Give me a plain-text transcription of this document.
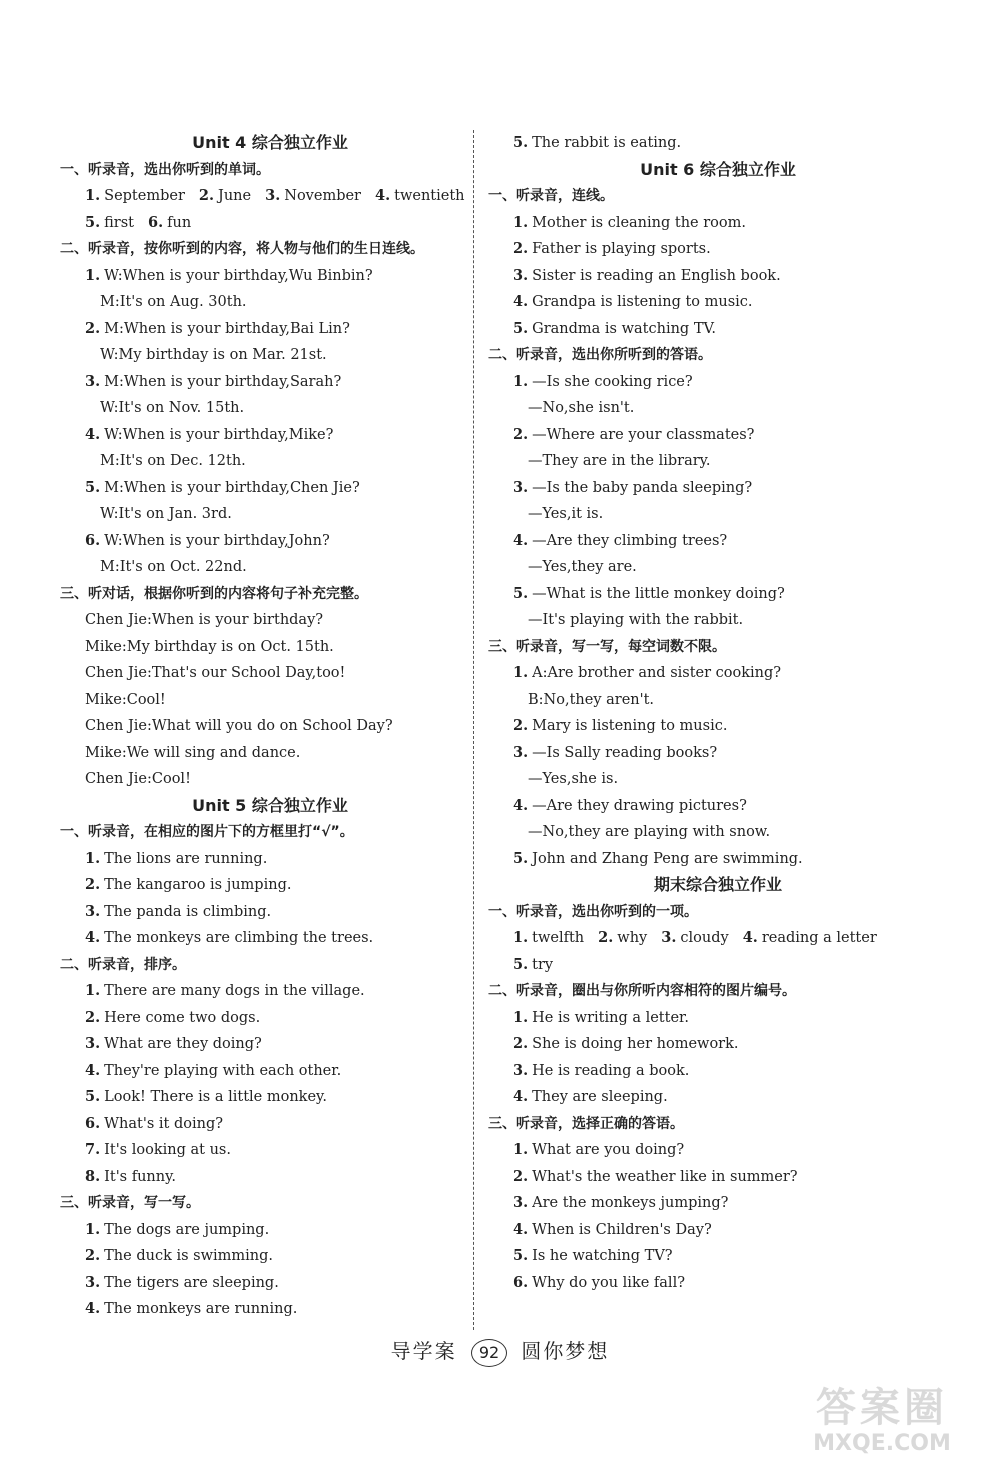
Unit 4 综合独立作业
一、听录音，选出你听到的单词。
1. September 2. June 3. November 4. twentieth
5. first 6. fun
二、听录音，按你听到的内容，将人物与他们的生日连线。
1. W:When is your birthday,Wu Binbin?
M:It's on Aug. 30th.
2. M:When is your birthday,Bai Lin?
W:My birthday is on Mar. 21st.
3. M:When is your birthday,Sarah?
W:It's on Nov. 15th.
4. W:When is your birthday,Mike?
M:It's on Dec. 12th.
5. M:When is your birthday,Chen Jie?
W:It's on Jan. 3rd.
6. W:When is your birthday,John?
M:It's on Oct. 22nd.
三、听对话，根据你听到的内容将句子补充完整。
Chen Jie:When is your birthday?
Mike:My birthday is on Oct. 15th.
Chen Jie:That's our School Day,too!
Mike:Cool!
Chen Jie:What will you do on School Day?
Mike:We will sing and dance.
Chen Jie:Cool!
Unit 5 综合独立作业
一、听录音，在相应的图片下的方框里打“√”。
1. The lions are running.
2. The kangaroo is jumping.
3. The panda is climbing.
4. The monkeys are climbing the trees.
二、听录音，排序。
1. There are many dogs in the village.
2. Here come two dogs.
3. What are they doing?
4. They're playing with each other.
5. Look! There is a little monkey.
6. What's it doing?
7. It's looking at us.
8. It's funny.
三、听录音，写一写。
1. The dogs are jumping.
2. The duck is swimming.
3. The tigers are sleeping.
4. The monkeys are running.
5. The rabbit is eating.
Unit 6 综合独立作业
一、听录音，连线。
1. Mother is cleaning the room.
2. Father is playing sports.
3. Sister is reading an English book.
4. Grandpa is listening to music.
5. Grandma is watching TV.
二、听录音，选出你所听到的答语。
1. —Is she cooking rice?
—No,she isn't.
2. —Where are your classmates?
—They are in the library.
3. —Is the baby panda sleeping?
—Yes,it is.
4. —Are they climbing trees?
—Yes,they are.
5. —What is the little monkey doing?
—It's playing with the rabbit.
三、听录音，写一写，每空词数不限。
1. A:Are brother and sister cooking?
B:No,they aren't.
2. Mary is listening to music.
3. —Is Sally reading books?
—Yes,she is.
4. —Are they drawing pictures?
—No,they are playing with snow.
5. John and Zhang Peng are swimming.
期末综合独立作业
一、听录音，选出你听到的一项。
1. twelfth 2. why 3. cloudy 4. reading a letter
5. try
二、听录音，圈出与你所听内容相符的图片编号。
1. He is writing a letter.
2. She is doing her homework.
3. He is reading a book.
4. They are sleeping.
三、听录音，选择正确的答语。
1. What are you doing?
2. What's the weather like in summer?
3. Are the monkeys jumping?
4. When is Children's Day?
5. Is he watching TV?
6. Why do you like fall?
导学案 92 圆你梦想
答案圈
MXQE.COM
